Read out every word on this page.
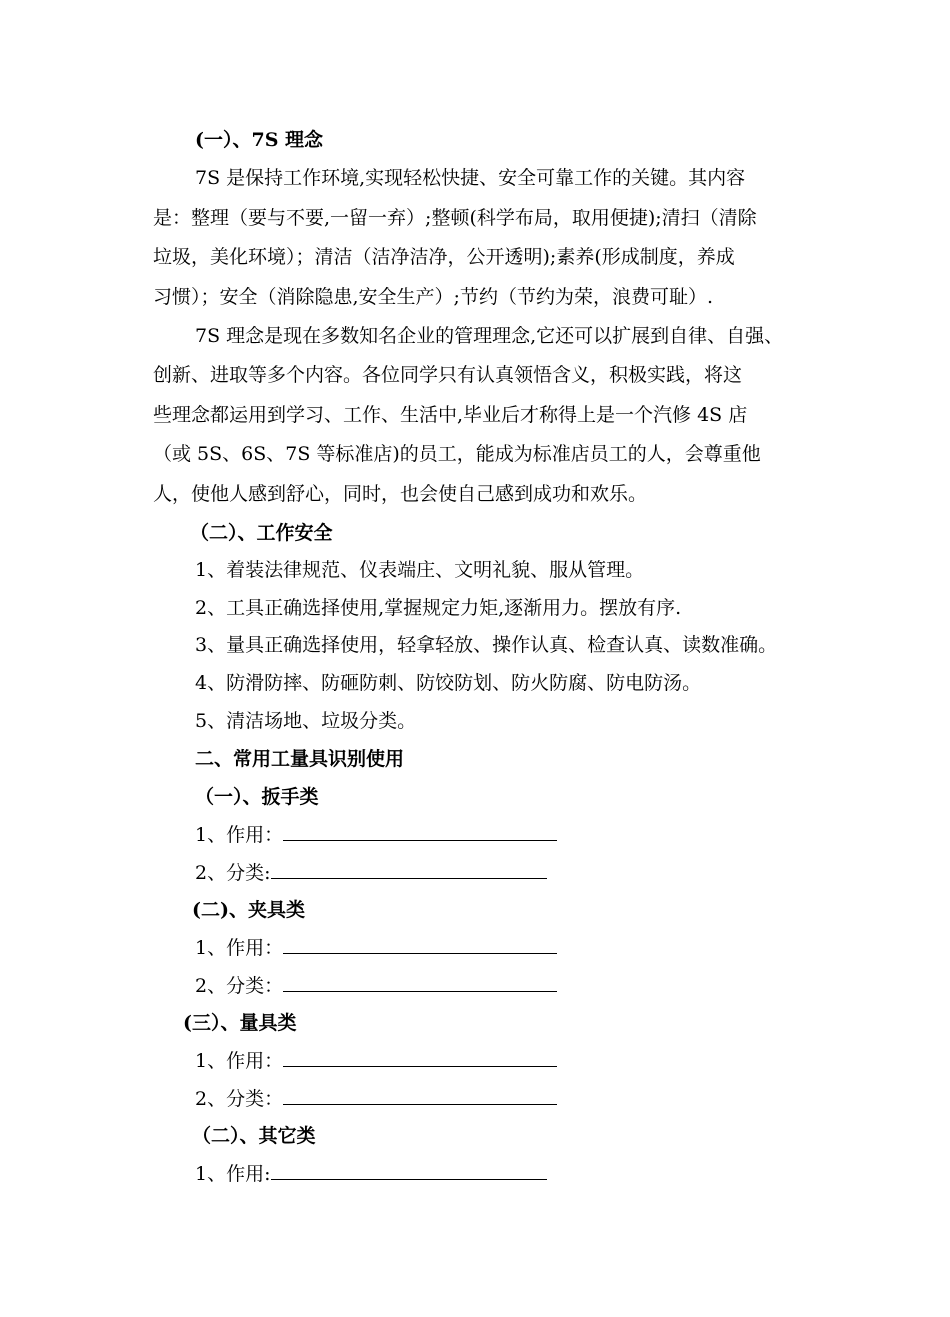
(一）、7S 理念
7S 是保持工作环境,实现轻松快捷、安全可靠工作的关键。其内容
是：整理（要与不要,一留一弃）;整顿(科学布局，取用便捷);清扫（清除
垃圾，美化环境）；清洁（洁净洁净，公开透明);素养(形成制度，养成
习惯）；安全（消除隐患,安全生产）;节约（节约为荣，浪费可耻）.
7S 理念是现在多数知名企业的管理理念,它还可以扩展到自律、自强、
创新、进取等多个内容。各位同学只有认真领悟含义，积极实践，将这
些理念都运用到学习、工作、生活中,毕业后才称得上是一个汽修 4S 店
（或 5S、6S、7S 等标准店)的员工，能成为标准店员工的人，会尊重他
人，使他人感到舒心，同时，也会使自己感到成功和欢乐。
（二）、工作安全
1、着装法律规范、仪表端庄、文明礼貌、服从管理。
2、工具正确选择使用,掌握规定力矩,逐渐用力。摆放有序.
3、量具正确选择使用，轻拿轻放、操作认真、检查认真、读数准确。
4、防滑防摔、防砸防刺、防饺防划、防火防腐、防电防汤。
5、清洁场地、垃圾分类。
二、常用工量具识别使用
（一）、扳手类
1、作用：
2、分类:
(二)、夹具类
1、作用：
2、分类：
(三）、量具类
1、作用：
2、分类：
（二）、其它类
1、作用:
